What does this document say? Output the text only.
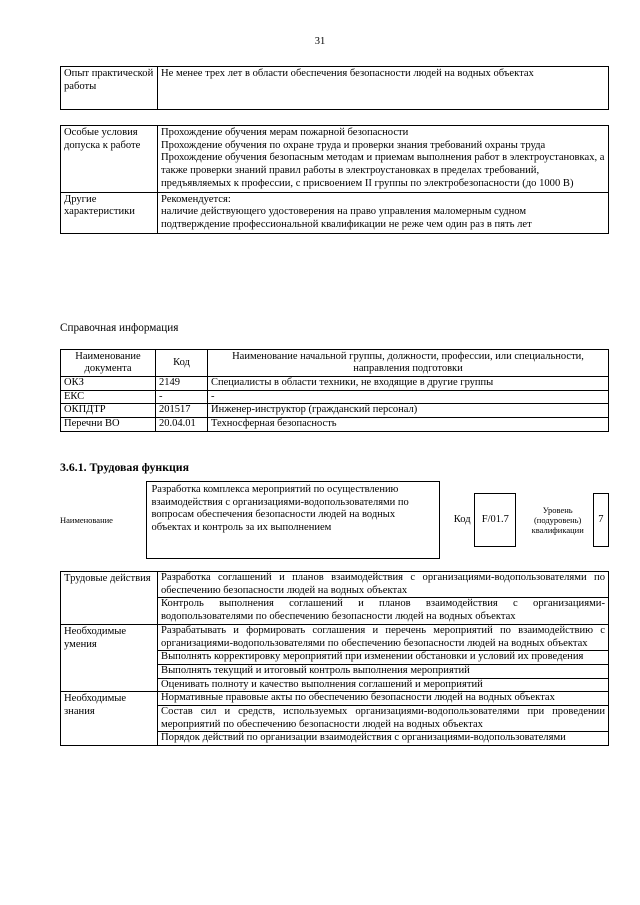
31
Опыт практической работы	Не менее трех лет в области обеспечения безопасности людей на водных объектах
Особые условия допуска к работе	Прохождение обучения мерам пожарной безопасности
Прохождение обучения по охране труда и проверки знания требований охраны труда
Прохождение обучения безопасным методам и приемам выполнения работ в электроустановках, а также проверки знаний правил работы в электроустановках в пределах требований, предъявляемых к профессии, с присвоением II группы по электробезопасности (до 1000 В)

Другие характеристики	Рекомендуется:
наличие действующего удостоверения на право управления маломерным судном
подтверждение профессиональной квалификации не реже чем один раз в пять лет
Справочная информация
Наименование документа	Код	Наименование начальной группы, должности, профессии, или специальности, направления подготовки
ОКЗ	2149	Специалисты в области техники, не входящие в другие группы
ЕКС	-	-
ОКПДТР	201517	Инженер-инструктор (гражданский персонал)
Перечни ВО	20.04.01	Техносферная безопасность
3.6.1. Трудовая функция
Наименование	
Разработка комплекса мероприятий по осуществлению взаимодействия с организациями-водопользователями по вопросам обеспечения безопасности людей на водных объектах и контроль за их выполнением
		Код	F/01.7
		Уровень (подуровень) квалификации	
7
Трудовые действия	Разработка соглашений и планов взаимодействия с организациями-водопользователями по обеспечению безопасности людей на водных объектах
	Контроль выполнения соглашений и планов взаимодействия с организациями-водопользователями по обеспечению безопасности людей на водных объектах
Необходимые умения	Разрабатывать и формировать соглашения и перечень мероприятий по взаимодействию с организациями-водопользователями по обеспечению безопасности людей на водных объектах
	Выполнять корректировку мероприятий при изменении обстановки и условий их проведения
	Выполнять текущий и итоговый контроль выполнения мероприятий
	Оценивать полноту и качество выполнения соглашений и мероприятий
Необходимые знания	Нормативные правовые акты по обеспечению безопасности людей на водных объектах
	Состав сил и средств, используемых организациями-водопользователями при проведении мероприятий по обеспечению безопасности людей на водных объектах
	Порядок действий по организации взаимодействия с организациями-водопользователями
